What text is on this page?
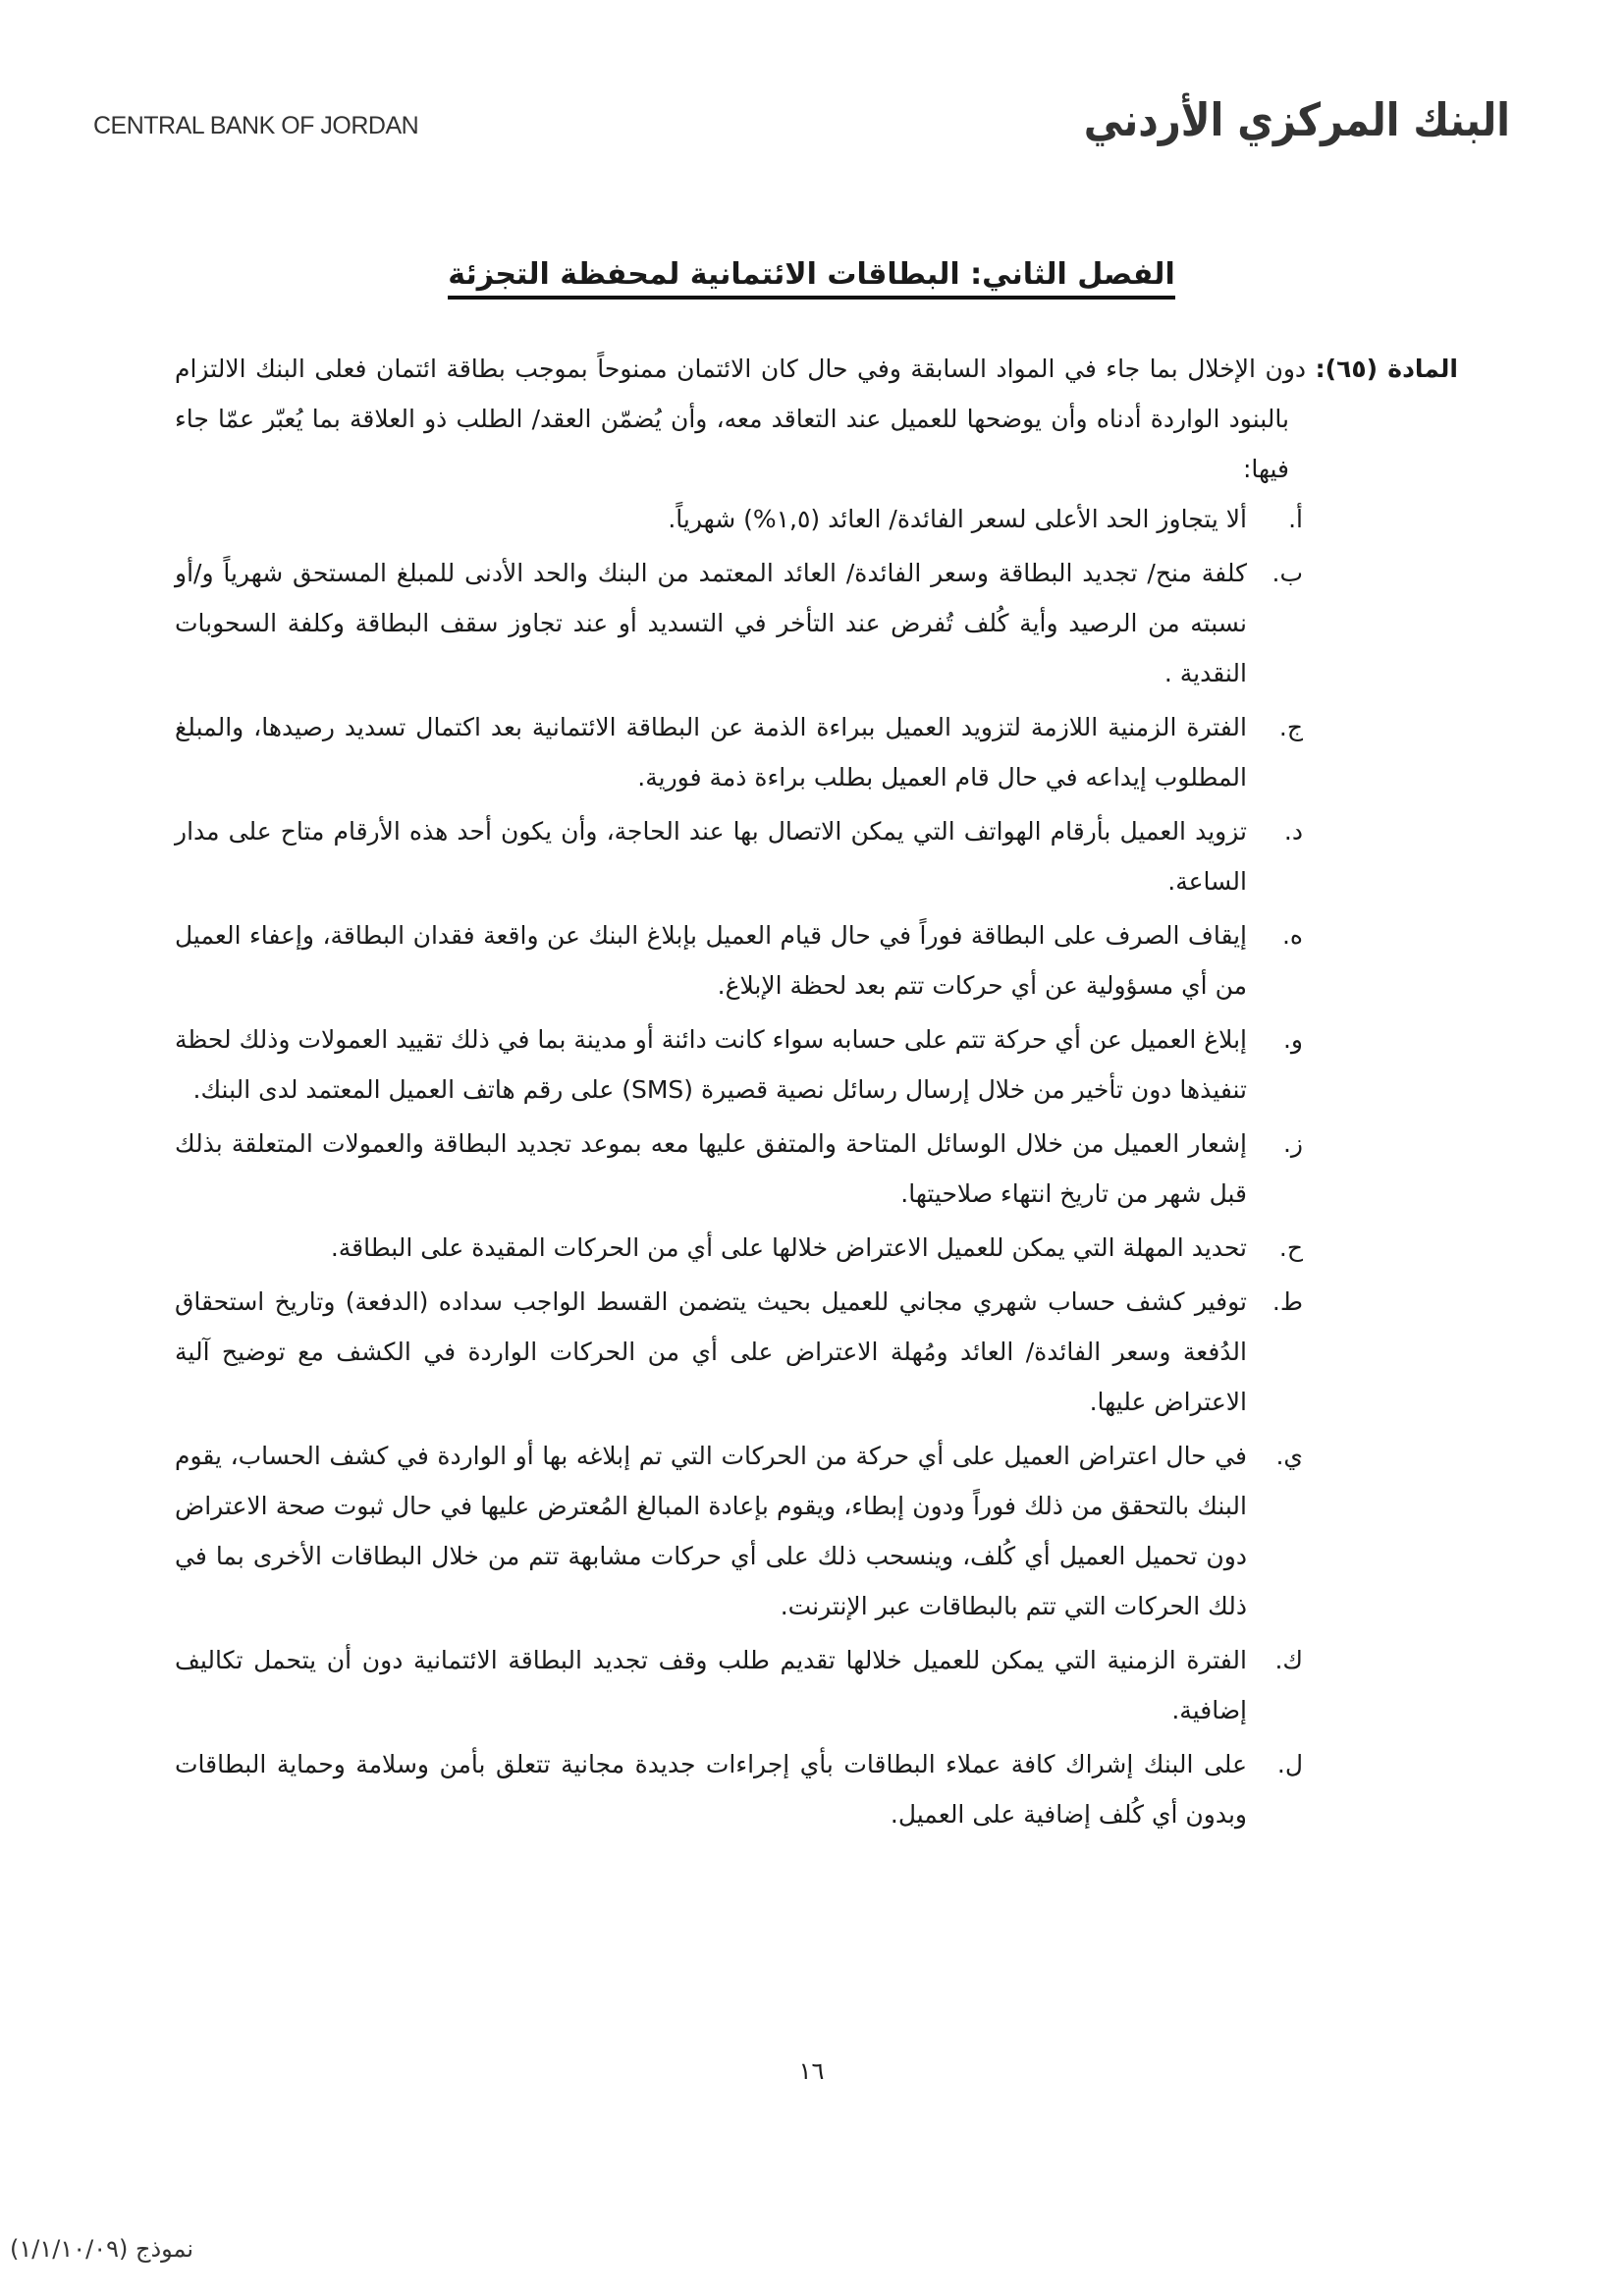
CENTRAL BANK OF JORDAN	البنك المركزي الأردني
الفصل الثاني: البطاقات الائتمانية لمحفظة التجزئة
المادة (٦٥): دون الإخلال بما جاء في المواد السابقة وفي حال كان الائتمان ممنوحاً بموجب بطاقة ائتمان فعلى البنك الالتزام بالبنود الواردة أدناه وأن يوضحها للعميل عند التعاقد معه، وأن يُضمّن العقد/ الطلب ذو العلاقة بما يُعبّر عمّا جاء فيها:
أ.
ألا يتجاوز الحد الأعلى لسعر الفائدة/ العائد (١,٥%) شهرياً.
ب.
كلفة منح/ تجديد البطاقة وسعر الفائدة/ العائد المعتمد من البنك والحد الأدنى للمبلغ المستحق شهرياً و/أو نسبته من الرصيد وأية كُلف تُفرض عند التأخر في التسديد أو عند تجاوز سقف البطاقة وكلفة السحوبات النقدية .
ج.
الفترة الزمنية اللازمة لتزويد العميل ببراءة الذمة عن البطاقة الائتمانية بعد اكتمال تسديد رصيدها، والمبلغ المطلوب إيداعه في حال قام العميل بطلب براءة ذمة فورية.
د.
تزويد العميل بأرقام الهواتف التي يمكن الاتصال بها عند الحاجة، وأن يكون أحد هذه الأرقام متاح على مدار الساعة.
ه.
إيقاف الصرف على البطاقة فوراً في حال قيام العميل بإبلاغ البنك عن واقعة فقدان البطاقة، وإعفاء العميل من أي مسؤولية عن أي حركات تتم بعد لحظة الإبلاغ.
و.
إبلاغ العميل عن أي حركة تتم على حسابه سواء كانت دائنة أو مدينة بما في ذلك تقييد العمولات وذلك لحظة تنفيذها دون تأخير من خلال إرسال رسائل نصية قصيرة (SMS) على رقم هاتف العميل المعتمد لدى البنك.
ز.
إشعار العميل من خلال الوسائل المتاحة والمتفق عليها معه بموعد تجديد البطاقة والعمولات المتعلقة بذلك قبل شهر من تاريخ انتهاء صلاحيتها.
ح.
تحديد المهلة التي يمكن للعميل الاعتراض خلالها على أي من الحركات المقيدة على البطاقة.
ط.
توفير كشف حساب شهري مجاني للعميل بحيث يتضمن القسط الواجب سداده (الدفعة) وتاريخ استحقاق الدُفعة وسعر الفائدة/ العائد ومُهلة الاعتراض على أي من الحركات الواردة في الكشف مع توضيح آلية الاعتراض عليها.
ي.
في حال اعتراض العميل على أي حركة من الحركات التي تم إبلاغه بها أو الواردة في كشف الحساب، يقوم البنك بالتحقق من ذلك فوراً ودون إبطاء، ويقوم بإعادة المبالغ المُعترض عليها في حال ثبوت صحة الاعتراض دون تحميل العميل أي كُلف، وينسحب ذلك على أي حركات مشابهة تتم من خلال البطاقات الأخرى بما في ذلك الحركات التي تتم بالبطاقات عبر الإنترنت.
ك.
الفترة الزمنية التي يمكن للعميل خلالها تقديم طلب وقف تجديد البطاقة الائتمانية دون أن يتحمل تكاليف إضافية.
ل.
على البنك إشراك كافة عملاء البطاقات بأي إجراءات جديدة مجانية تتعلق بأمن وسلامة وحماية البطاقات وبدون أي كُلف إضافية على العميل.
١٦
نموذج (١/١/١٠/٠٩)
